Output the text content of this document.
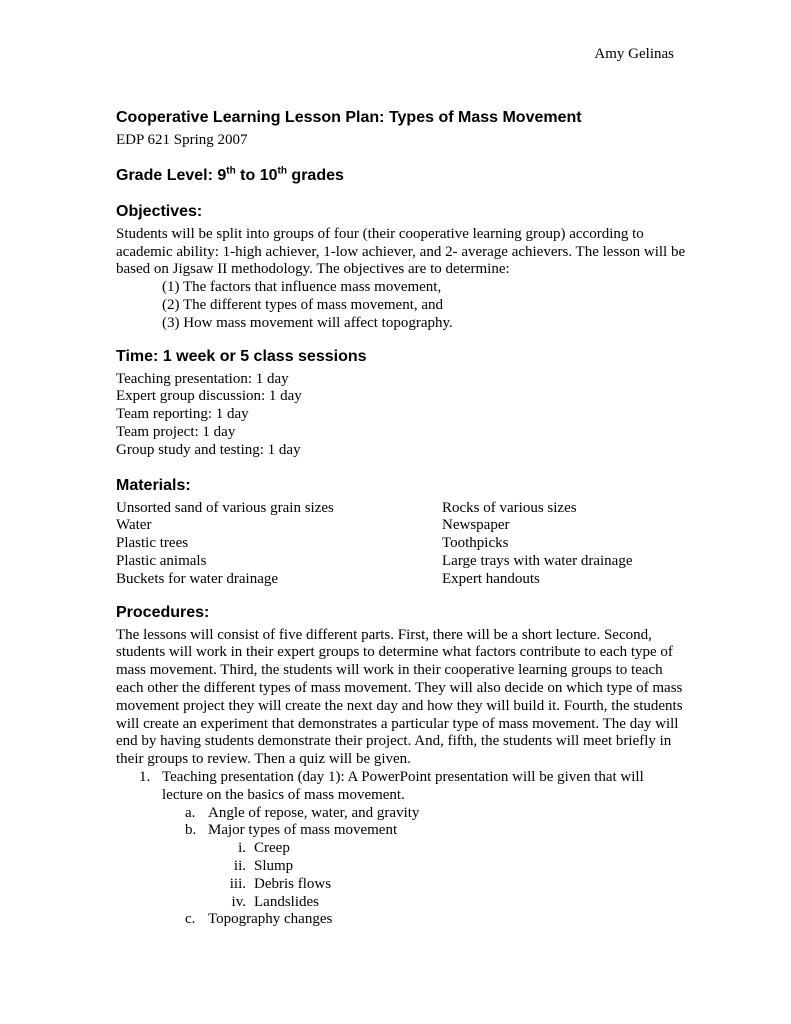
Amy Gelinas
Cooperative Learning Lesson Plan: Types of Mass Movement

EDP 621 Spring 2007

Grade Level: 9th to 10th grades
Objectives:

Students will be split into groups of four (their cooperative learning group) according to academic ability: 1-high achiever, 1-low achiever, and 2- average achievers. The lesson will be based on Jigsaw II methodology. The objectives are to determine:

(1) The factors that influence mass movement,

(2) The different types of mass movement, and

(3) How mass movement will affect topography.

Time: 1 week or 5 class sessions

Teaching presentation: 1 day

Expert group discussion: 1 day

Team reporting: 1 day

Team project: 1 day

Group study and testing: 1 day

Materials:

Unsorted sand of various grain sizes	Rocks of various sizes

Water	Newspaper

Plastic trees	Toothpicks

Plastic animals	Large trays with water drainage

Buckets for water drainage	Expert handouts

Procedures:

The lessons will consist of five different parts. First, there will be a short lecture. Second, students will work in their expert groups to determine what factors contribute to each type of mass movement. Third, the students will work in their cooperative learning groups to teach each other the different types of mass movement. They will also decide on which type of mass movement project they will create the next day and how they will build it. Fourth, the students will create an experiment that demonstrates a particular type of mass movement. The day will end by having students demonstrate their project. And, fifth, the students will meet briefly in their groups to review. Then a quiz will be given.

1. Teaching presentation (day 1): A PowerPoint presentation will be given that will lecture on the basics of mass movement.
a. Angle of repose, water, and gravity
b. Major types of mass movement
i. Creep
ii. Slump
iii. Debris flows
iv. Landslides
c. Topography changes
